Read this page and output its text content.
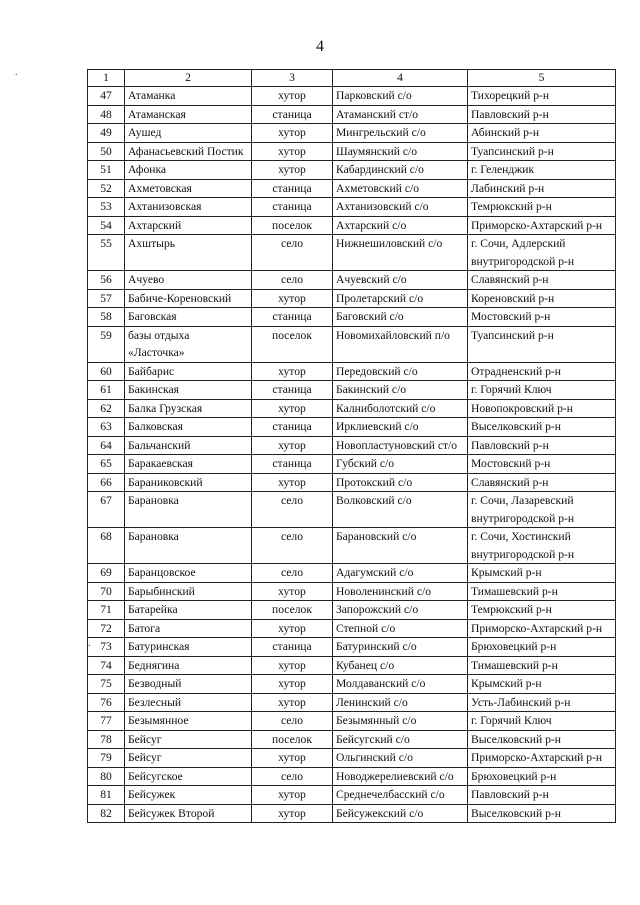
4
1	2	3	4	5
47	Атаманка	хутор	Парковский с/о	Тихорецкий р-н
48	Атаманская	станица	Атаманский ст/о	Павловский р-н
49	Аушед	хутор	Мингрельский с/о	Абинский р-н
50	Афанасьевский Постик	хутор	Шаумянский с/о	Туапсинский р-н
51	Афонка	хутор	Кабардинский с/о	г. Геленджик
52	Ахметовская	станица	Ахметовский с/о	Лабинский р-н
53	Ахтанизовская	станица	Ахтанизовский с/о	Темрюкский р-н
54	Ахтарский	поселок	Ахтарский с/о	Приморско-Ахтарский р-н
55	Ахштырь	село	Нижнешиловский с/о	г. Сочи, Адлерский внутригородской р-н
56	Ачуево	село	Ачуевский с/о	Славянский р-н
57	Бабиче-Кореновский	хутор	Пролетарский с/о	Кореновский р-н
58	Баговская	станица	Баговский с/о	Мостовский р-н
59	базы отдыха «Ласточка»	поселок	Новомихайловский п/о	Туапсинский р-н
60	Байбарис	хутор	Передовский с/о	Отрадненский р-н
61	Бакинская	станица	Бакинский с/о	г. Горячий Ключ
62	Балка Грузская	хутор	Калниболотский с/о	Новопокровский р-н
63	Балковская	станица	Ирклиевский с/о	Выселковский р-н
64	Бальчанский	хутор	Новопластуновский ст/о	Павловский р-н
65	Баракаевская	станица	Губский с/о	Мостовский р-н
66	Бараниковский	хутор	Протокский с/о	Славянский р-н
67	Барановка	село	Волковский с/о	г. Сочи, Лазаревский внутригородской р-н
68	Барановка	село	Барановский с/о	г. Сочи, Хостинский внутригородской р-н
69	Баранцовское	село	Адагумский с/о	Крымский р-н
70	Барыбинский	хутор	Новоленинский с/о	Тимашевский р-н
71	Батарейка	поселок	Запорожский с/о	Темрюкский р-н
72	Батога	хутор	Степной с/о	Приморско-Ахтарский р-н
73	Батуринская	станица	Батуринский с/о	Брюховецкий р-н
74	Беднягина	хутор	Кубанец с/о	Тимашевский р-н
75	Безводный	хутор	Молдаванский с/о	Крымский р-н
76	Безлесный	хутор	Ленинский с/о	Усть-Лабинский р-н
77	Безымянное	село	Безымянный с/о	г. Горячий Ключ
78	Бейсуг	поселок	Бейсугский с/о	Выселковский р-н
79	Бейсуг	хутор	Ольгинский с/о	Приморско-Ахтарский р-н
80	Бейсугское	село	Новоджерелиевский с/о	Брюховецкий р-н
81	Бейсужек	хутор	Среднечелбасский с/о	Павловский р-н
82	Бейсужек Второй	хутор	Бейсужекский с/о	Выселковский р-н
.
.
